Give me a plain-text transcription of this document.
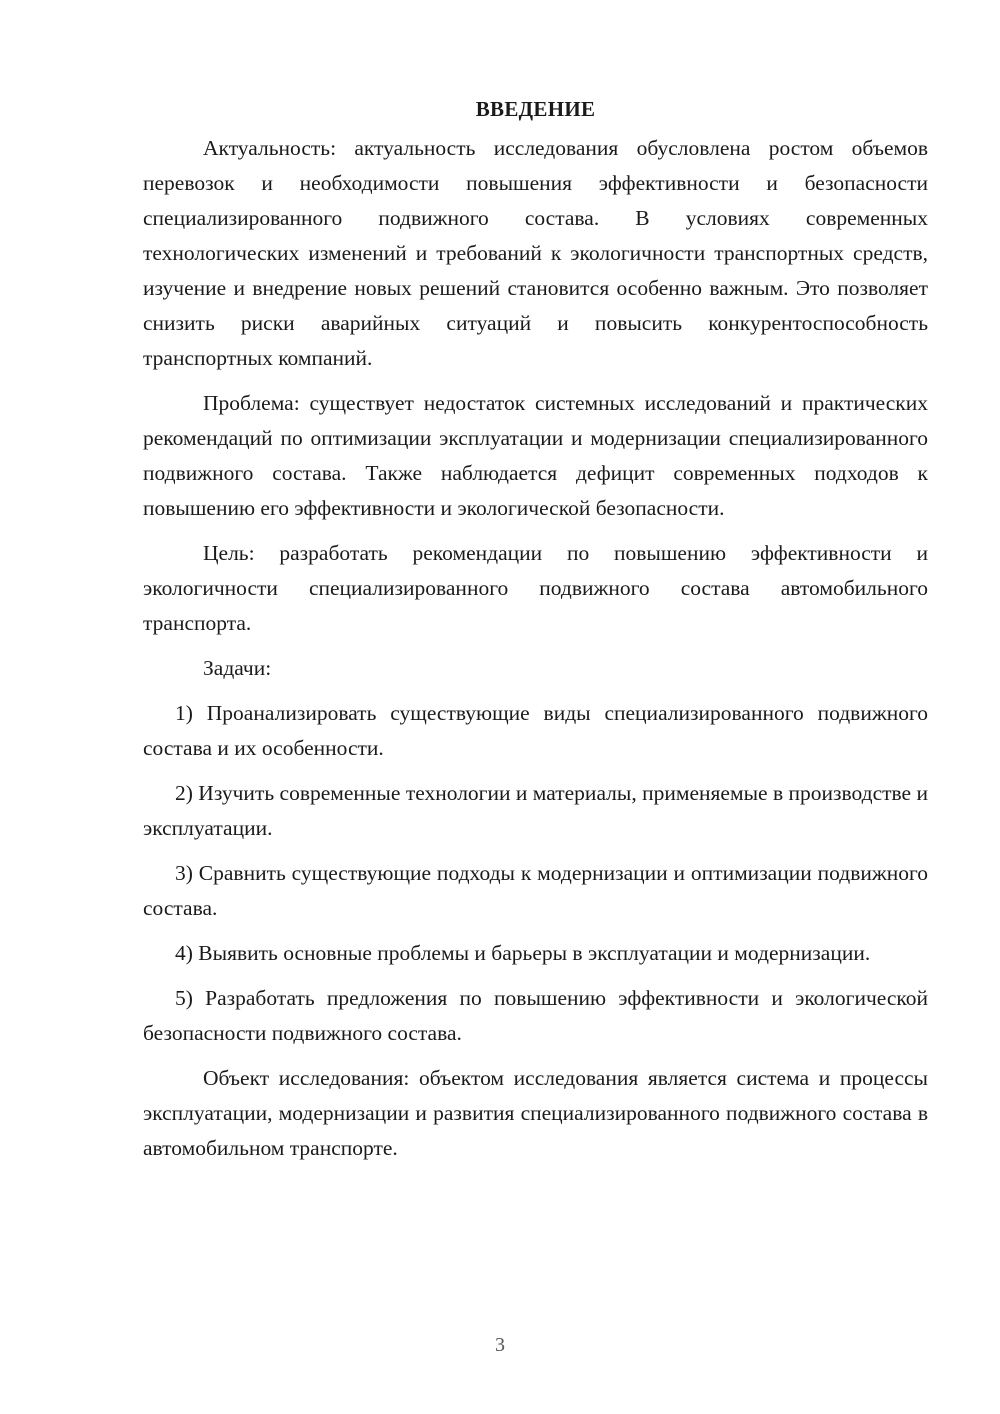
ВВЕДЕНИЕ

Актуальность: актуальность исследования обусловлена ростом объемов перевозок и необходимости повышения эффективности и безопасности специализированного подвижного состава. В условиях современных технологических изменений и требований к экологичности транспортных средств, изучение и внедрение новых решений становится особенно важным. Это позволяет снизить риски аварийных ситуаций и повысить конкурентоспособность транспортных компаний.

Проблема: существует недостаток системных исследований и практических рекомендаций по оптимизации эксплуатации и модернизации специализированного подвижного состава. Также наблюдается дефицит современных подходов к повышению его эффективности и экологической безопасности.

Цель: разработать рекомендации по повышению эффективности и экологичности специализированного подвижного состава автомобильного транспорта.

Задачи:

1) Проанализировать существующие виды специализированного подвижного состава и их особенности.

2) Изучить современные технологии и материалы, применяемые в производстве и эксплуатации.

3) Сравнить существующие подходы к модернизации и оптимизации подвижного состава.

4) Выявить основные проблемы и барьеры в эксплуатации и модернизации.

5) Разработать предложения по повышению эффективности и экологической безопасности подвижного состава.

Объект исследования: объектом исследования является система и процессы эксплуатации, модернизации и развития специализированного подвижного состава в автомобильном транспорте.

3
